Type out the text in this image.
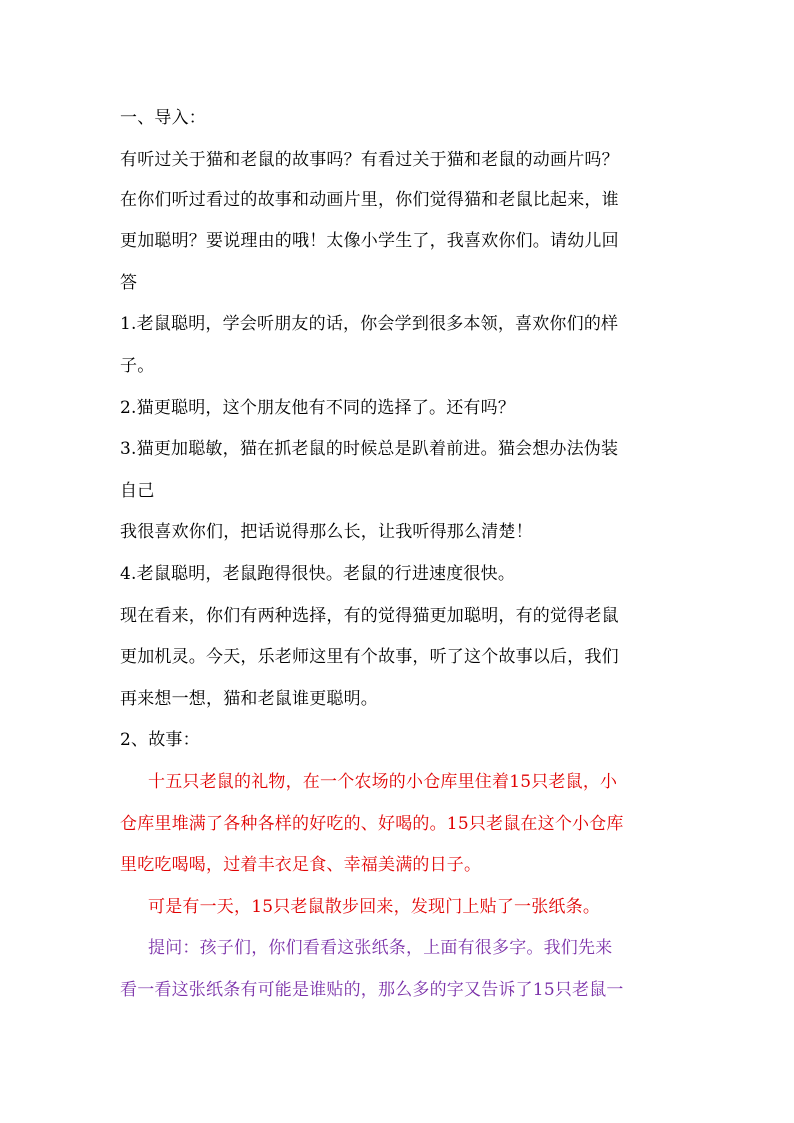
一、导入：
有听过关于猫和老鼠的故事吗？有看过关于猫和老鼠的动画片吗？
在你们听过看过的故事和动画片里，你们觉得猫和老鼠比起来，谁
更加聪明？要说理由的哦！太像小学生了，我喜欢你们。请幼儿回
答
1.老鼠聪明，学会听朋友的话，你会学到很多本领，喜欢你们的样
子。
2.猫更聪明，这个朋友他有不同的选择了。还有吗？
3.猫更加聪敏，猫在抓老鼠的时候总是趴着前进。猫会想办法伪装
自己
我很喜欢你们，把话说得那么长，让我听得那么清楚！
4.老鼠聪明，老鼠跑得很快。老鼠的行进速度很快。
现在看来，你们有两种选择，有的觉得猫更加聪明，有的觉得老鼠
更加机灵。今天，乐老师这里有个故事，听了这个故事以后，我们
再来想一想，猫和老鼠谁更聪明。
2、故事：
十五只老鼠的礼物，在一个农场的小仓库里住着15只老鼠，小
仓库里堆满了各种各样的好吃的、好喝的。15只老鼠在这个小仓库
里吃吃喝喝，过着丰衣足食、幸福美满的日子。
可是有一天，15只老鼠散步回来，发现门上贴了一张纸条。
提问：孩子们，你们看看这张纸条，上面有很多字。我们先来
看一看这张纸条有可能是谁贴的，那么多的字又告诉了15只老鼠一
